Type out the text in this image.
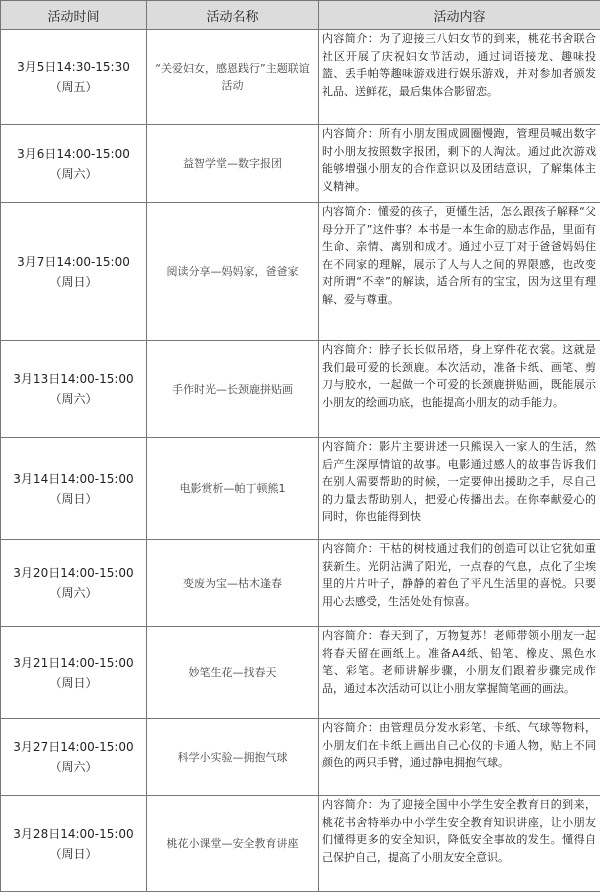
活动时间	活动名称	活动内容
3月5日14:30-15:30（周五）	“关爱妇女，感恩践行”主题联谊活动	内容简介：为了迎接三八妇女节的到来，桃花书舍联合社区开展了庆祝妇女节活动，通过词语接龙、趣味投篮、丢手帕等趣味游戏进行娱乐游戏，并对参加者颁发礼品、送鲜花，最后集体合影留恋。

3月6日14:00-15:00（周六）	益智学堂—数字报团	内容简介：所有小朋友围成圆圈慢跑，管理员喊出数字时小朋友按照数字报团，剩下的人淘汰。通过此次游戏能够增强小朋友的合作意识以及团结意识，了解集体主义精神。

3月7日14:00-15:00（周日）	阅读分享—妈妈家，爸爸家	内容简介：懂爱的孩子，更懂生活，怎么跟孩子解释“父母分开了”这件事？本书是一本生命的励志作品，里面有生命、亲情、离别和成才。通过小豆丁对于爸爸妈妈住在不同家的理解，展示了人与人之间的界限感，也改变对所谓“不幸”的解读，适合所有的宝宝，因为这里有理解、爱与尊重。

3月13日14:00-15:00（周六）	手作时光—长颈鹿拼贴画	内容简介：脖子长长似吊塔，身上穿件花衣裳。这就是我们最可爱的长颈鹿。本次活动，准备卡纸、画笔、剪刀与胶水，一起做一个可爱的长颈鹿拼贴画，既能展示小朋友的绘画功底，也能提高小朋友的动手能力。

3月14日14:00-15:00（周日）	电影赏析—帕丁顿熊1	内容简介：影片主要讲述一只熊误入一家人的生活，然后产生深厚情谊的故事。电影通过感人的故事告诉我们在别人需要帮助的时候，一定要伸出援助之手，尽自己的力量去帮助别人，把爱心传播出去。在你奉献爱心的同时，你也能得到快

3月20日14:00-15:00（周六）	变废为宝—枯木逢春	内容简介：干枯的树枝通过我们的创造可以让它犹如重获新生。光阴沾满了阳光，一点春的气息，点化了尘埃里的片片叶子，静静的着色了平凡生活里的喜悦。只要用心去感受，生活处处有惊喜。

3月21日14:00-15:00（周日）	妙笔生花—找春天	内容简介：春天到了，万物复苏！老师带领小朋友一起将春天留在画纸上。准备A4纸、铅笔、橡皮、黑色水笔、彩笔。老师讲解步骤，小朋友们跟着步骤完成作品，通过本次活动可以让小朋友掌握简笔画的画法。

3月27日14:00-15:00（周六）	科学小实验—拥抱气球	内容简介：由管理员分发水彩笔、卡纸、气球等物料，小朋友们在卡纸上画出自己心仪的卡通人物，贴上不同颜色的两只手臂，通过静电拥抱气球。

3月28日14:00-15:00（周日）	桃花小课堂—安全教育讲座	内容简介：为了迎接全国中小学生安全教育日的到来，桃花书舍特举办中小学生安全教育知识讲座，让小朋友们懂得更多的安全知识，降低安全事故的发生。懂得自己保护自己，提高了小朋友安全意识。
